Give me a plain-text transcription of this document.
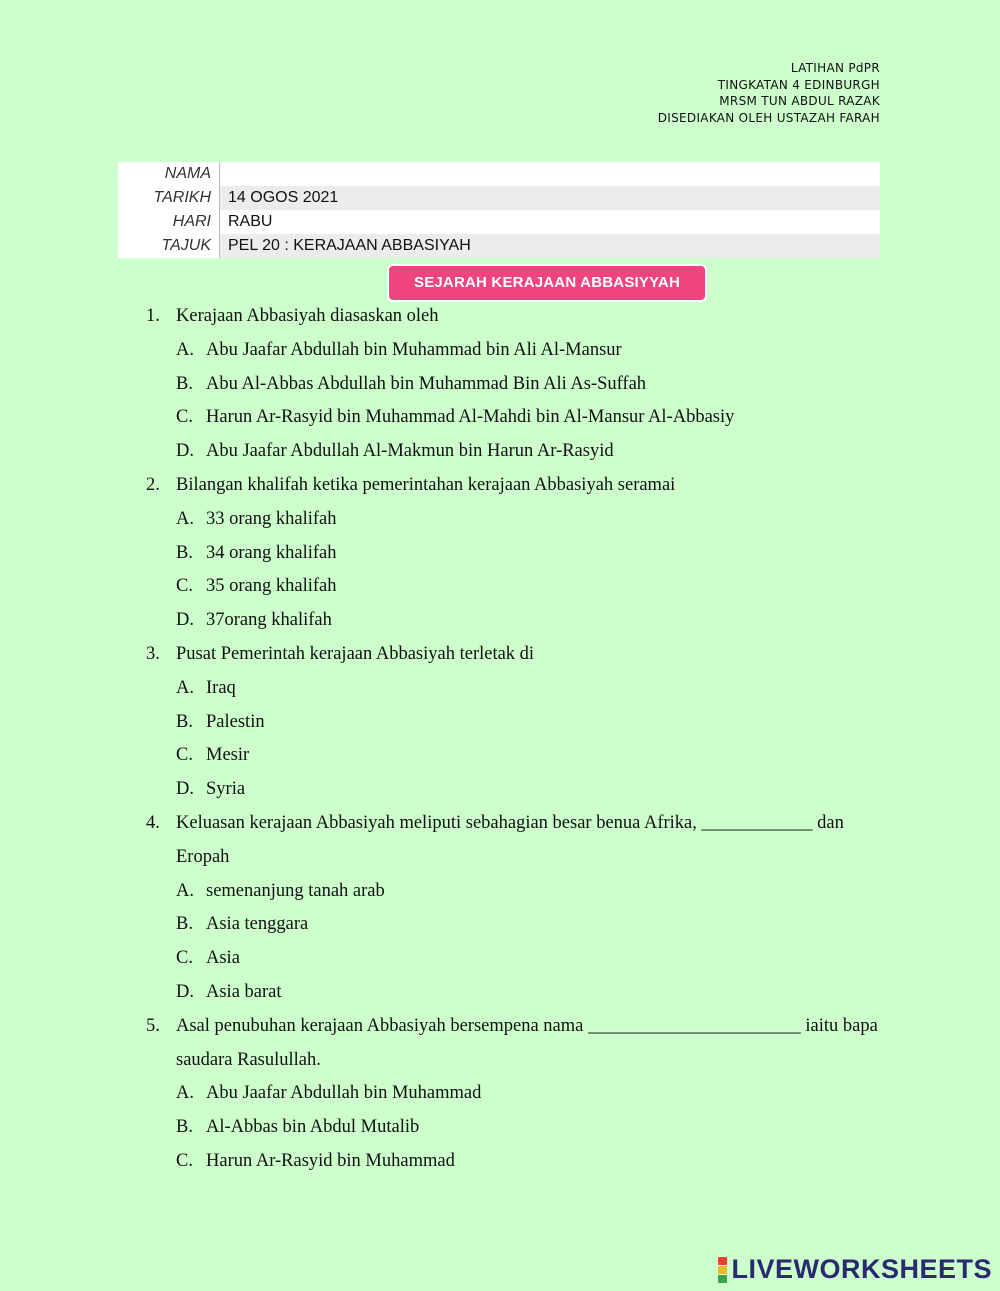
LATIHAN PdPR
TINGKATAN 4 EDINBURGH
MRSM TUN ABDUL RAZAK
DISEDIAKAN OLEH USTAZAH FARAH
NAMA
TARIKH	14 OGOS 2021
HARI	RABU
TAJUK	PEL 20 : KERAJAAN ABBASIYAH
SEJARAH KERAJAAN ABBASIYYAH
1. Kerajaan Abbasiyah diasaskan oleh
A. Abu Jaafar Abdullah bin Muhammad bin Ali Al-Mansur
B. Abu Al-Abbas Abdullah bin Muhammad Bin Ali As-Suffah
C. Harun Ar-Rasyid bin Muhammad Al-Mahdi bin Al-Mansur Al-Abbasiy
D. Abu Jaafar Abdullah Al-Makmun bin Harun Ar-Rasyid
2. Bilangan khalifah ketika pemerintahan kerajaan Abbasiyah seramai
A. 33 orang khalifah
B. 34 orang khalifah
C. 35 orang khalifah
D. 37orang khalifah
3. Pusat Pemerintah kerajaan Abbasiyah terletak di
A. Iraq
B. Palestin
C. Mesir
D. Syria
4. Keluasan kerajaan Abbasiyah meliputi sebahagian besar benua Afrika, ____________ dan Eropah
A. semenanjung tanah arab
B. Asia tenggara
C. Asia
D. Asia barat
5. Asal penubuhan kerajaan Abbasiyah bersempena nama _______________________ iaitu bapa saudara Rasulullah.
A. Abu Jaafar Abdullah bin Muhammad
B. Al-Abbas bin Abdul Mutalib
C. Harun Ar-Rasyid bin Muhammad
LIVEWORKSHEETS
